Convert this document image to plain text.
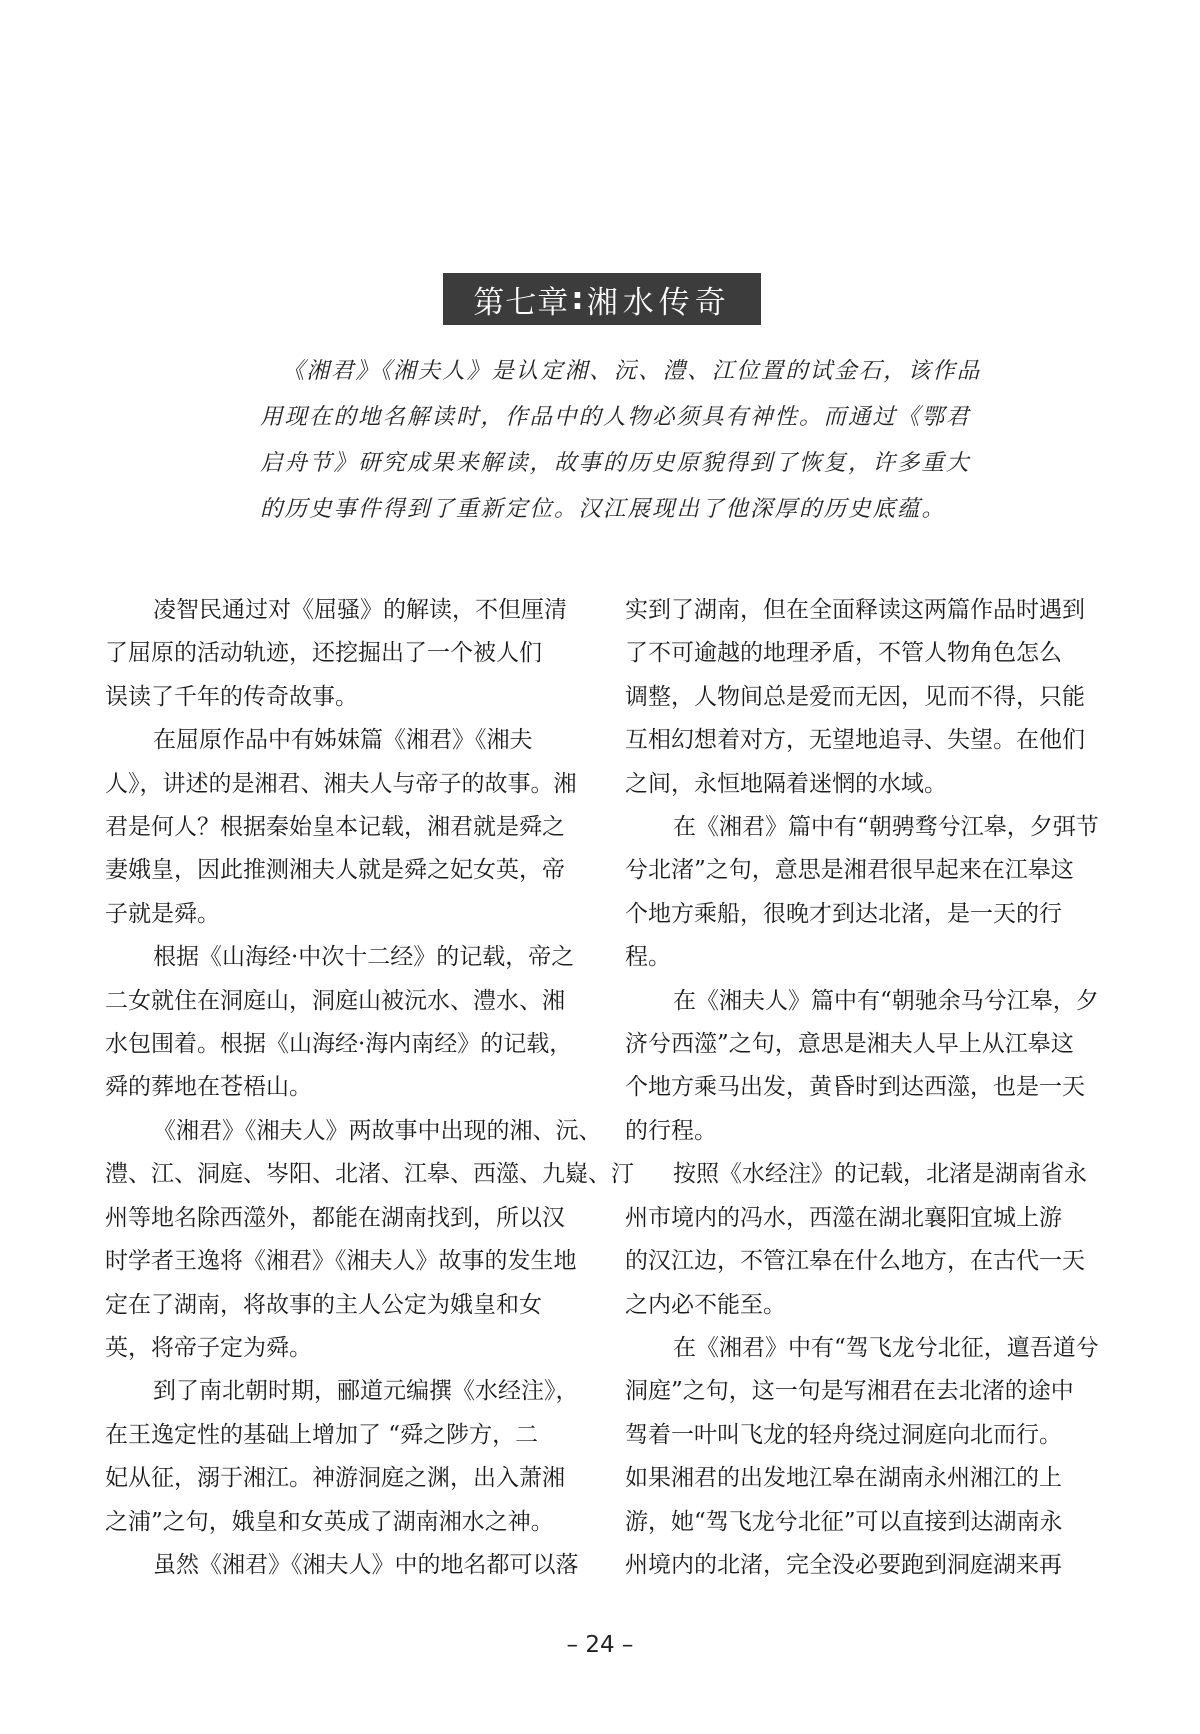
第七章 : 湘水传奇

《湘君》《湘夫人》是认定湘、沅、澧、江位置的试金石，该作品
用现在的地名解读时，作品中的人物必须具有神性。而通过《鄂君
启舟节》研究成果来解读，故事的历史原貌得到了恢复，许多重大
的历史事件得到了重新定位。汉江展现出了他深厚的历史底蕴。

凌智民通过对《屈骚》的解读，不但厘清
了屈原的活动轨迹，还挖掘出了一个被人们
误读了千年的传奇故事。

在屈原作品中有姊妹篇《湘君》《湘夫
人》，讲述的是湘君、湘夫人与帝子的故事。湘
君是何人？根据秦始皇本记载，湘君就是舜之
妻娥皇，因此推测湘夫人就是舜之妃女英，帝
子就是舜。

根据《山海经·中次十二经》的记载，帝之
二女就住在洞庭山，洞庭山被沅水、澧水、湘
水包围着。根据《山海经·海内南经》的记载，
舜的葬地在苍梧山。

《湘君》《湘夫人》两故事中出现的湘、沅、
澧、江、洞庭、岑阳、北渚、江皋、西澨、九嶷、汀
州等地名除西澨外，都能在湖南找到，所以汉
时学者王逸将《湘君》《湘夫人》故事的发生地
定在了湖南，将故事的主人公定为娥皇和女
英，将帝子定为舜。

到了南北朝时期，郦道元编撰《水经注》，
在王逸定性的基础上增加了 “舜之陟方，二
妃从征，溺于湘江。神游洞庭之渊，出入萧湘
之浦”之句，娥皇和女英成了湖南湘水之神。

虽然《湘君》《湘夫人》中的地名都可以落

实到了湖南，但在全面释读这两篇作品时遇到
了不可逾越的地理矛盾，不管人物角色怎么
调整，人物间总是爱而无因，见而不得，只能
互相幻想着对方，无望地追寻、失望。在他们
之间，永恒地隔着迷惘的水域。

在《湘君》篇中有“朝骋骛兮江皋，夕弭节
兮北渚”之句，意思是湘君很早起来在江皋这
个地方乘船，很晚才到达北渚，是一天的行
程。

在《湘夫人》篇中有“朝驰余马兮江皋，夕
济兮西澨”之句，意思是湘夫人早上从江皋这
个地方乘马出发，黄昏时到达西澨，也是一天
的行程。

按照《水经注》的记载，北渚是湖南省永
州市境内的冯水，西澨在湖北襄阳宜城上游
的汉江边，不管江皋在什么地方，在古代一天
之内必不能至。

在《湘君》中有“驾飞龙兮北征，邅吾道兮
洞庭”之句，这一句是写湘君在去北渚的途中
驾着一叶叫飞龙的轻舟绕过洞庭向北而行。
如果湘君的出发地江皋在湖南永州湘江的上
游，她“驾飞龙兮北征”可以直接到达湖南永
州境内的北渚，完全没必要跑到洞庭湖来再

– 24 –
